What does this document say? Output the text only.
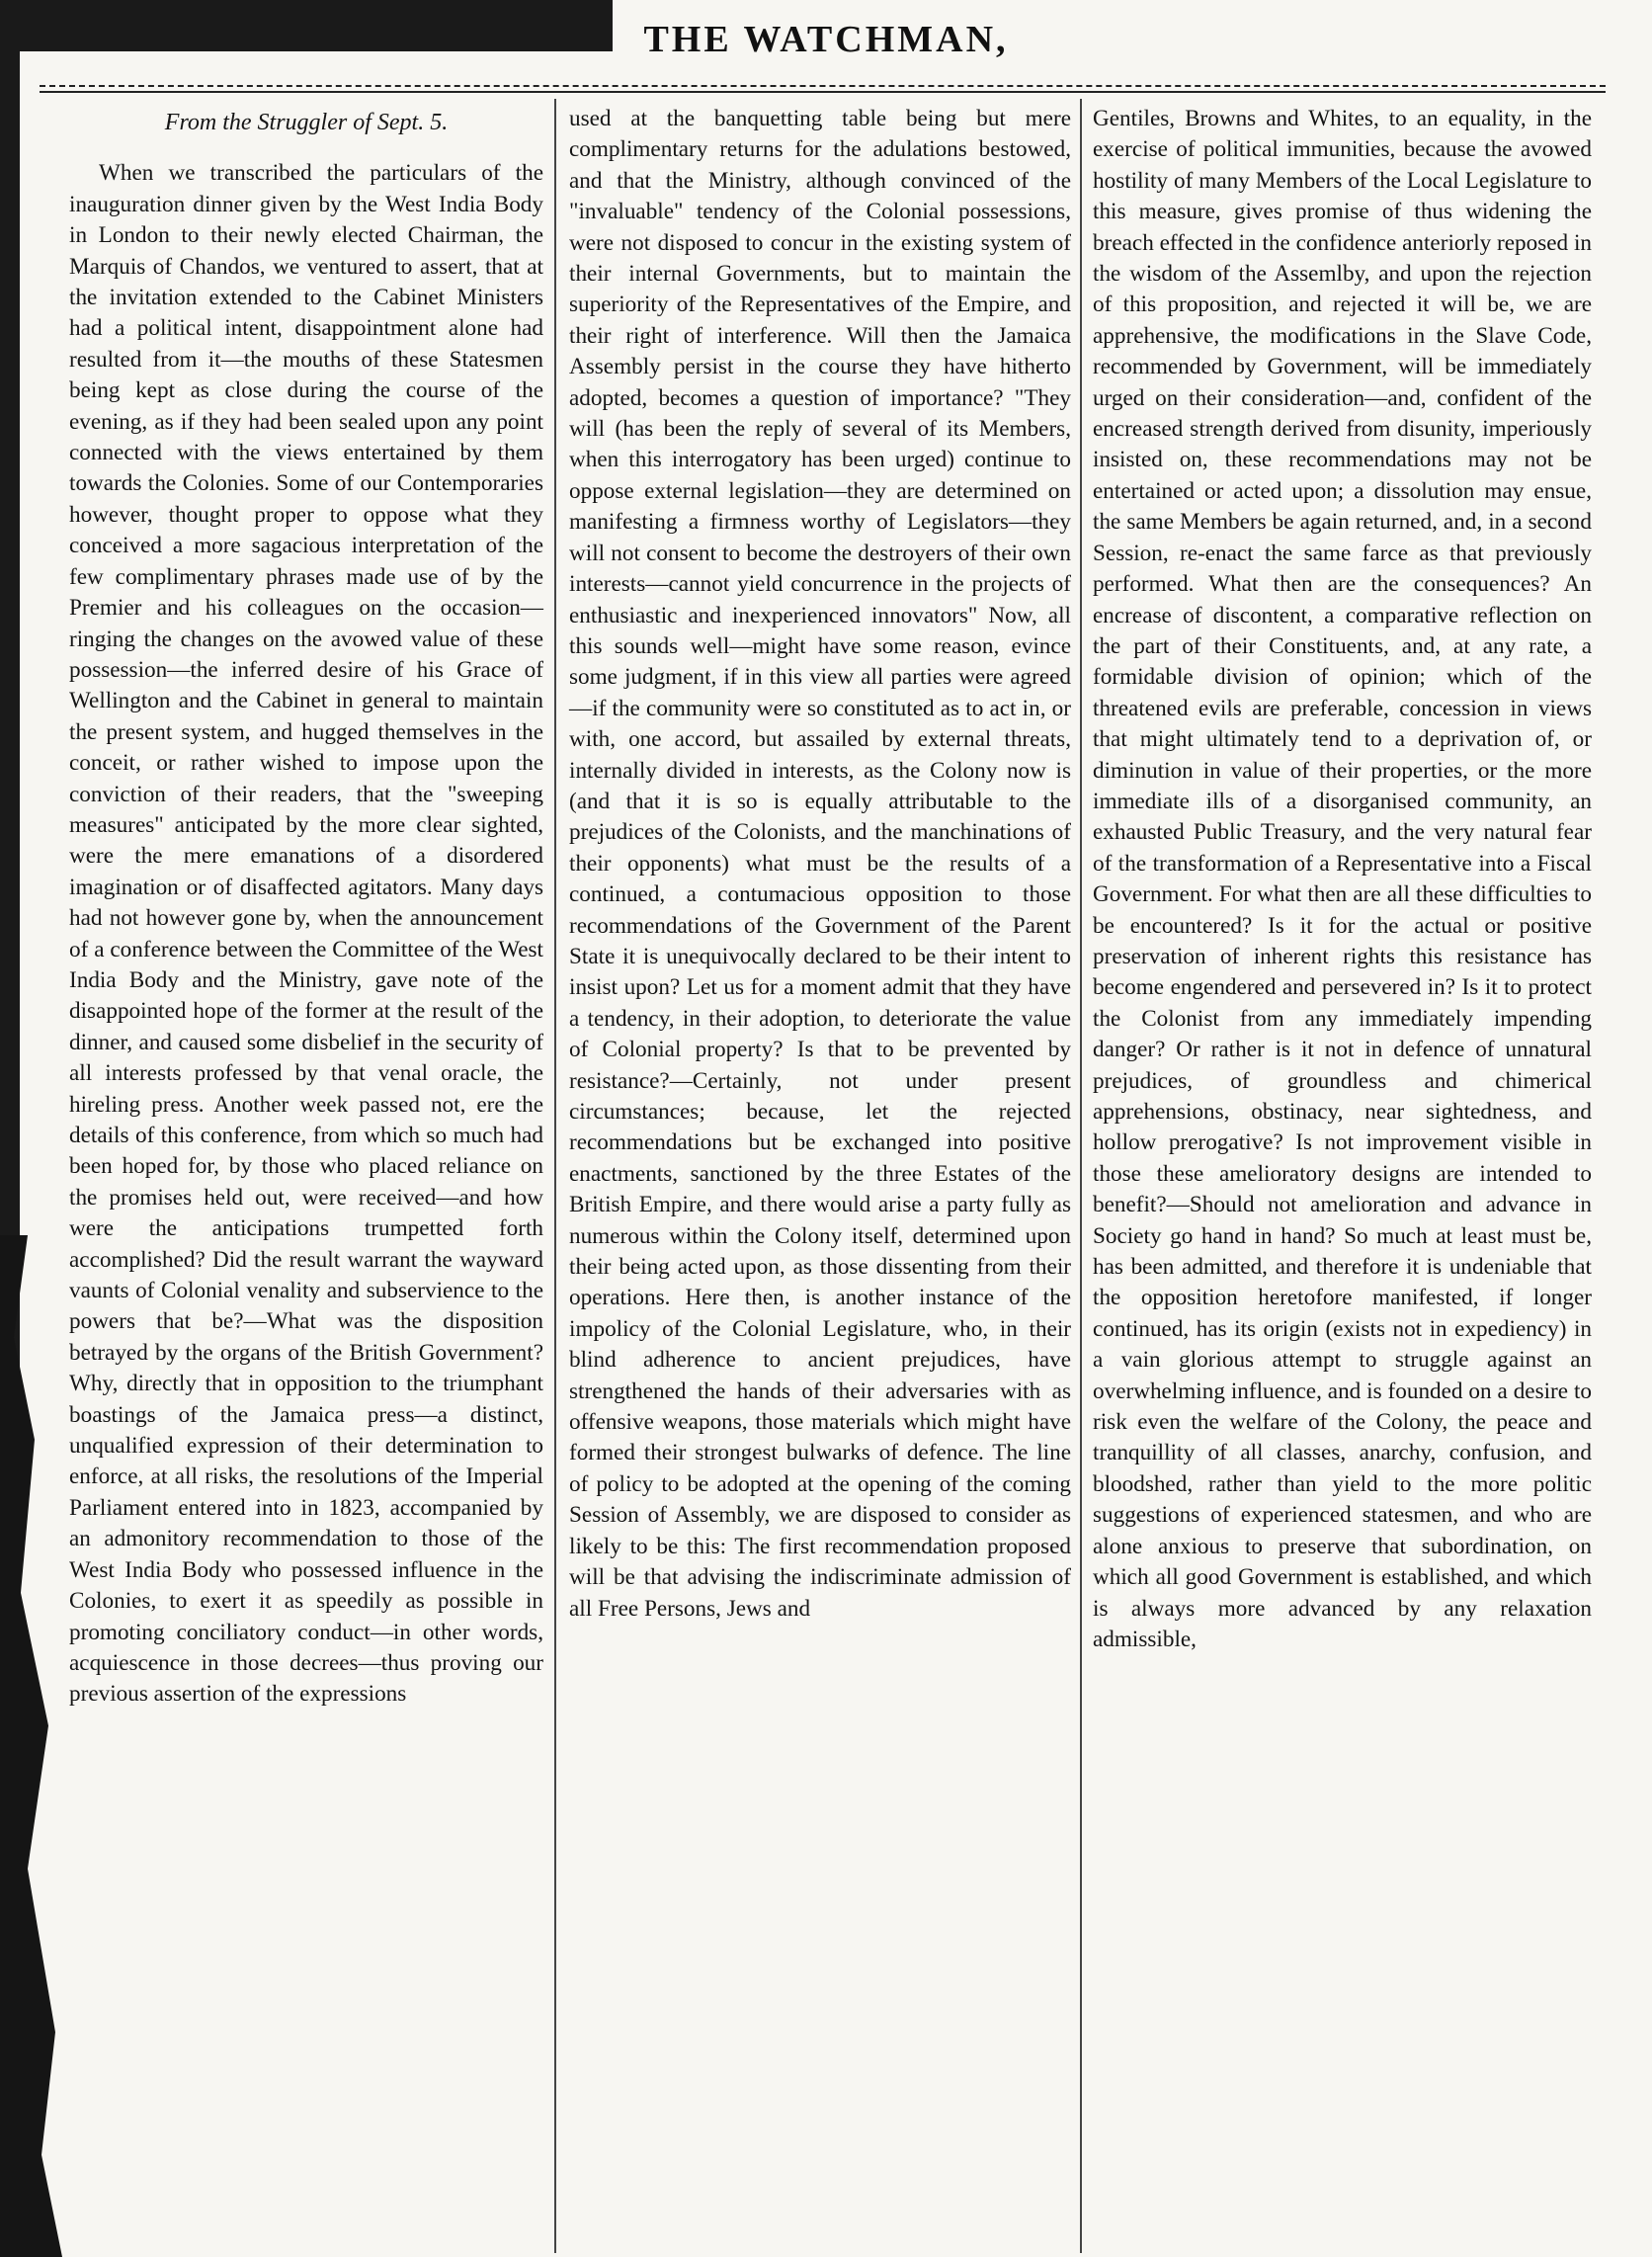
THE WATCHMAN,
From the Struggler of Sept. 5.

When we transcribed the particulars of the inauguration dinner given by the West India Body in London to their newly elected Chairman, the Marquis of Chandos, we ventured to assert, that at the invitation extended to the Cabinet Ministers had a political intent, disappointment alone had resulted from it—the mouths of these Statesmen being kept as close during the course of the evening, as if they had been sealed upon any point connected with the views entertained by them towards the Colonies. Some of our Contemporaries however, thought proper to oppose what they conceived a more sagacious interpretation of the few complimentary phrases made use of by the Premier and his colleagues on the occasion—ringing the changes on the avowed value of these possession—the inferred desire of his Grace of Wellington and the Cabinet in general to maintain the present system, and hugged themselves in the conceit, or rather wished to impose upon the conviction of their readers, that the "sweeping measures" anticipated by the more clear sighted, were the mere emanations of a disordered imagination or of disaffected agitators. Many days had not however gone by, when the announcement of a conference between the Committee of the West India Body and the Ministry, gave note of the disappointed hope of the former at the result of the dinner, and caused some disbelief in the security of all interests professed by that venal oracle, the hireling press. Another week passed not, ere the details of this conference, from which so much had been hoped for, by those who placed reliance on the promises held out, were received—and how were the anticipations trumpetted forth accomplished? Did the result warrant the wayward vaunts of Colonial venality and subservience to the powers that be?—What was the disposition betrayed by the organs of the British Government? Why, directly that in opposition to the triumphant boastings of the Jamaica press—a distinct, unqualified expression of their determination to enforce, at all risks, the resolutions of the Imperial Parliament entered into in 1823, accompanied by an admonitory recommendation to those of the West India Body who possessed influence in the Colonies, to exert it as speedily as possible in promoting conciliatory conduct—in other words, acquiescence in those decrees—thus proving our previous assertion of the expressions

used at the banquetting table being but mere complimentary returns for the adulations bestowed, and that the Ministry, although convinced of the "invaluable" tendency of the Colonial possessions, were not disposed to concur in the existing system of their internal Governments, but to maintain the superiority of the Representatives of the Empire, and their right of interference. Will then the Jamaica Assembly persist in the course they have hitherto adopted, becomes a question of importance? "They will (has been the reply of several of its Members, when this interrogatory has been urged) continue to oppose external legislation—they are determined on manifesting a firmness worthy of Legislators—they will not consent to become the destroyers of their own interests—cannot yield concurrence in the projects of enthusiastic and inexperienced innovators" Now, all this sounds well—might have some reason, evince some judgment, if in this view all parties were agreed—if the community were so constituted as to act in, or with, one accord, but assailed by external threats, internally divided in interests, as the Colony now is (and that it is so is equally attributable to the prejudices of the Colonists, and the manchinations of their opponents) what must be the results of a continued, a contumacious opposition to those recommendations of the Government of the Parent State it is unequivocally declared to be their intent to insist upon? Let us for a moment admit that they have a tendency, in their adoption, to deteriorate the value of Colonial property? Is that to be prevented by resistance?—Certainly, not under present circumstances; because, let the rejected recommendations but be exchanged into positive enactments, sanctioned by the three Estates of the British Empire, and there would arise a party fully as numerous within the Colony itself, determined upon their being acted upon, as those dissenting from their operations. Here then, is another instance of the impolicy of the Colonial Legislature, who, in their blind adherence to ancient prejudices, have strengthened the hands of their adversaries with as offensive weapons, those materials which might have formed their strongest bulwarks of defence. The line of policy to be adopted at the opening of the coming Session of Assembly, we are disposed to consider as likely to be this: The first recommendation proposed will be that advising the indiscriminate admission of all Free Persons, Jews and

Gentiles, Browns and Whites, to an equality, in the exercise of political immunities, because the avowed hostility of many Members of the Local Legislature to this measure, gives promise of thus widening the breach effected in the confidence anteriorly reposed in the wisdom of the Assemlby, and upon the rejection of this proposition, and rejected it will be, we are apprehensive, the modifications in the Slave Code, recommended by Government, will be immediately urged on their consideration—and, confident of the encreased strength derived from disunity, imperiously insisted on, these recommendations may not be entertained or acted upon; a dissolution may ensue, the same Members be again returned, and, in a second Session, re-enact the same farce as that previously performed. What then are the consequences? An encrease of discontent, a comparative reflection on the part of their Constituents, and, at any rate, a formidable division of opinion; which of the threatened evils are preferable, concession in views that might ultimately tend to a deprivation of, or diminution in value of their properties, or the more immediate ills of a disorganised community, an exhausted Public Treasury, and the very natural fear of the transformation of a Representative into a Fiscal Government. For what then are all these difficulties to be encountered? Is it for the actual or positive preservation of inherent rights this resistance has become engendered and persevered in? Is it to protect the Colonist from any immediately impending danger? Or rather is it not in defence of unnatural prejudices, of groundless and chimerical apprehensions, obstinacy, near sightedness, and hollow prerogative? Is not improvement visible in those these amelioratory designs are intended to benefit?—Should not amelioration and advance in Society go hand in hand? So much at least must be, has been admitted, and therefore it is undeniable that the opposition heretofore manifested, if longer continued, has its origin (exists not in expediency) in a vain glorious attempt to struggle against an overwhelming influence, and is founded on a desire to risk even the welfare of the Colony, the peace and tranquillity of all classes, anarchy, confusion, and bloodshed, rather than yield to the more politic suggestions of experienced statesmen, and who are alone anxious to preserve that subordination, on which all good Government is established, and which is always more advanced by any relaxation admissible,
